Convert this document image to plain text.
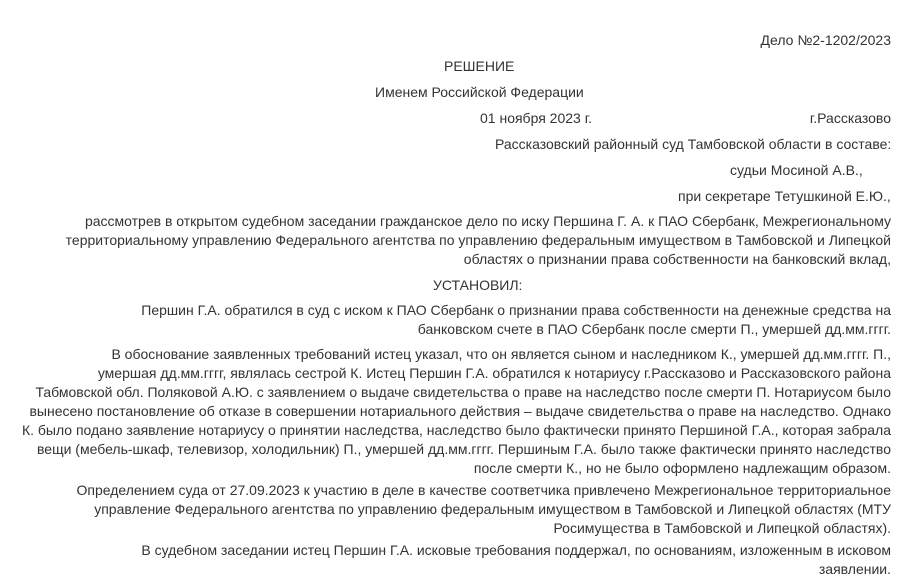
Дело №2-1202/2023
РЕШЕНИЕ
Именем Российской Федерации
01 ноября 2023 г.	г.Рассказово
Рассказовский районный суд Тамбовской области в составе:
судьи Мосиной А.В.,
при секретаре Тетушкиной Е.Ю.,
рассмотрев в открытом судебном заседании гражданское дело по иску Першина Г. А. к ПАО Сбербанк, Межрегиональному
территориальному управлению Федерального агентства по управлению федеральным имуществом в Тамбовской и Липецкой
областях о признании права собственности на банковский вклад,
УСТАНОВИЛ:
Першин Г.А. обратился в суд с иском к ПАО Сбербанк о признании права собственности на денежные средства на
банковском счете в ПАО Сбербанк после смерти П., умершей дд.мм.гггг.
В обоснование заявленных требований истец указал, что он является сыном и наследником К., умершей дд.мм.гггг. П.,
умершая дд.мм.гггг, являлась сестрой К. Истец Першин Г.А. обратился к нотариусу г.Рассказово и Рассказовского района
Табмовской обл. Поляковой А.Ю. с заявлением о выдаче свидетельства о праве на наследство после смерти П. Нотариусом было
вынесено постановление об отказе в совершении нотариального действия – выдаче свидетельства о праве на наследство. Однако
К. было подано заявление нотариусу о принятии наследства, наследство было фактически принято Першиной Г.А., которая забрала
вещи (мебель-шкаф, телевизор, холодильник) П., умершей дд.мм.гггг. Першиным Г.А. было также фактически принято наследство
после смерти К., но не было оформлено надлежащим образом.
Определением суда от 27.09.2023 к участию в деле в качестве соответчика привлечено Межрегиональное территориальное
управление Федерального агентства по управлению федеральным имуществом в Тамбовской и Липецкой областях (МТУ
Росимущества в Тамбовской и Липецкой областях).
В судебном заседании истец Першин Г.А. исковые требования поддержал, по основаниям, изложенным в исковом
заявлении.
